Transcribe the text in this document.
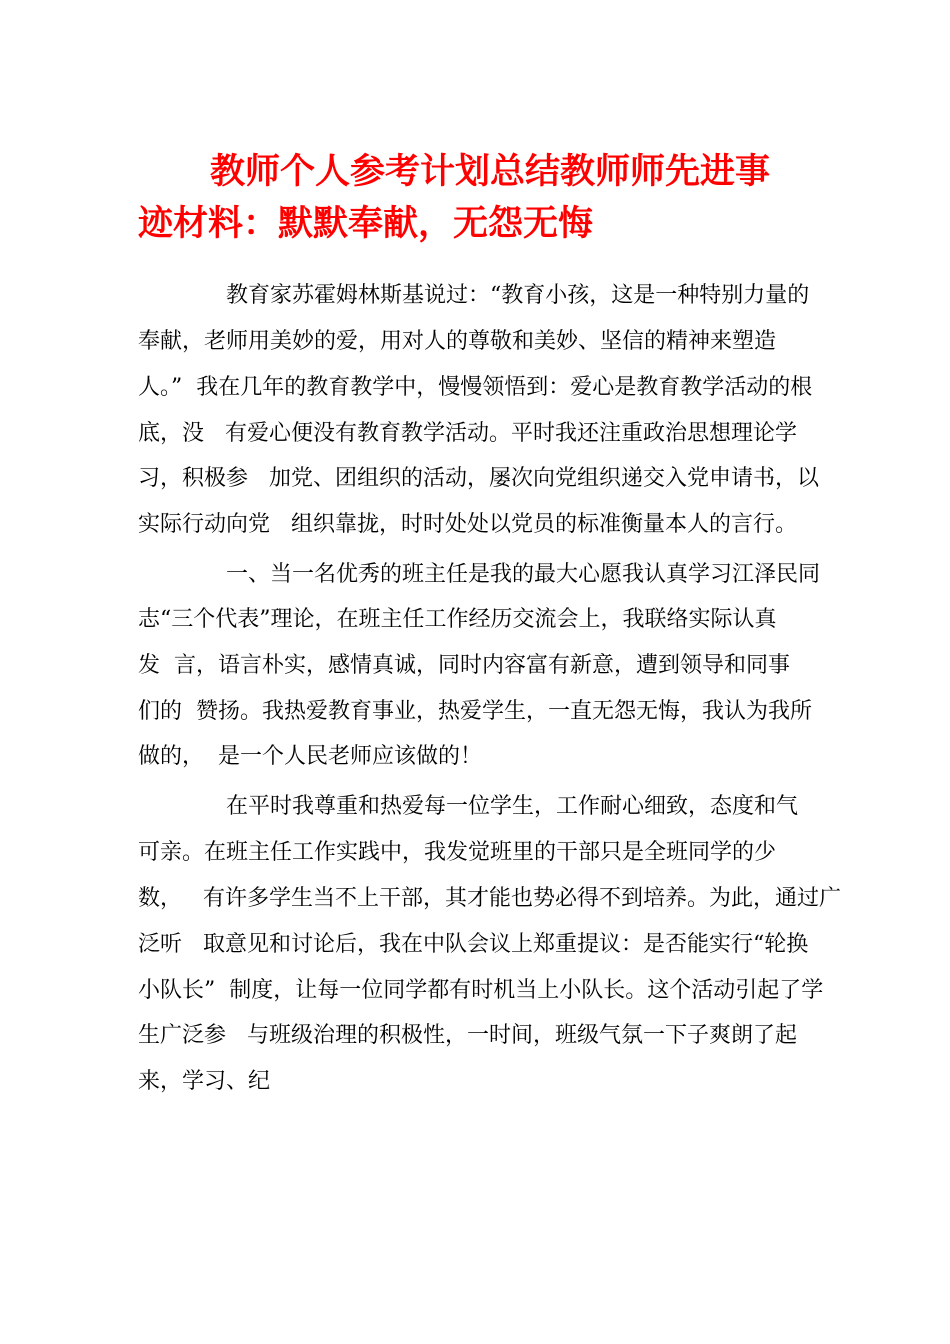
教师个人参考计划总结教师师先进事
迹材料：默默奉献，无怨无悔

教育家苏霍姆林斯基说过：“教育小孩，这是一种特别力量的

奉献，老师用美妙的爱，用对人的尊敬和美妙、坚信的精神来塑造

人。”  我在几年的教育教学中，慢慢领悟到：爱心是教育教学活动的根

底，没   有爱心便没有教育教学活动。平时我还注重政治思想理论学

习，积极参   加党、团组织的活动，屡次向党组织递交入党申请书，以

实际行动向党   组织靠拢，时时处处以党员的标准衡量本人的言行。

一、当一名优秀的班主任是我的最大心愿我认真学习江泽民同

志“三个代表”理论，在班主任工作经历交流会上，我联络实际认真

发  言，语言朴实，感情真诚，同时内容富有新意，遭到领导和同事

们的  赞扬。我热爱教育事业，热爱学生，一直无怨无悔，我认为我所

做的，  是一个人民老师应该做的！

在平时我尊重和热爱每一位学生，工作耐心细致，态度和气

可亲。在班主任工作实践中，我发觉班里的干部只是全班同学的少

数，   有许多学生当不上干部，其才能也势必得不到培养。为此，通过广

泛听   取意见和讨论后，我在中队会议上郑重提议：是否能实行“轮换

小队长”  制度，让每一位同学都有时机当上小队长。这个活动引起了学

生广泛参   与班级治理的积极性，一时间，班级气氛一下子爽朗了起

来，学习、纪
